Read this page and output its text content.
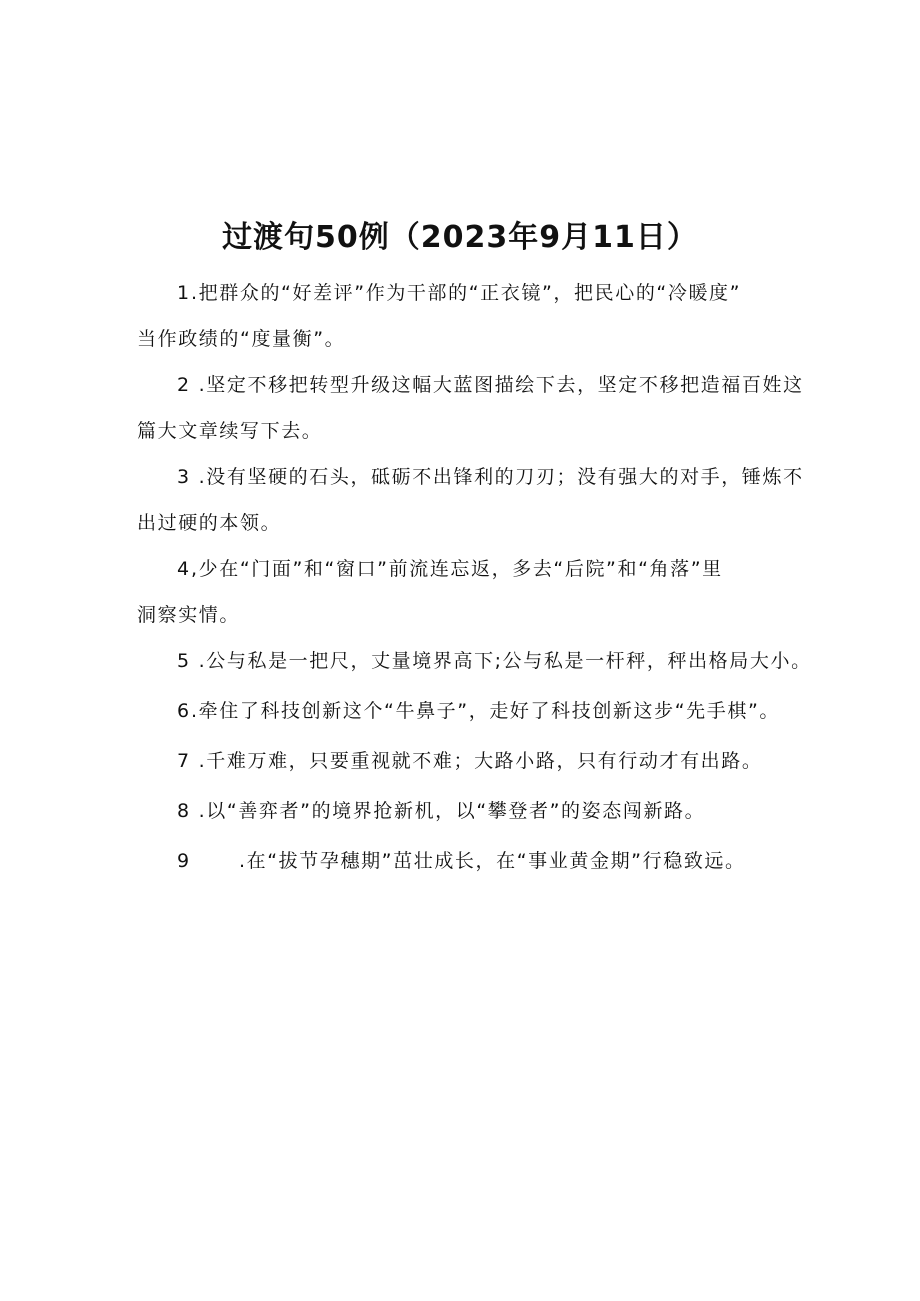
过渡句50例（2023年9月11日）
1.把群众的“好差评”作为干部的“正衣镜”，把民心的“冷暖度”
当作政绩的“度量衡”。
2 .坚定不移把转型升级这幅大蓝图描绘下去，坚定不移把造福百姓这
篇大文章续写下去。
3 .没有坚硬的石头，砥砺不出锋利的刀刃；没有强大的对手，锤炼不
出过硬的本领。
4,少在“门面”和“窗口”前流连忘返，多去“后院”和“角落”里
洞察实情。
5 .公与私是一把尺，丈量境界高下;公与私是一杆秤，秤出格局大小。
6.牵住了科技创新这个“牛鼻子”，走好了科技创新这步“先手棋”。
7 .千难万难，只要重视就不难；大路小路，只有行动才有出路。
8 .以“善弈者”的境界抢新机，以“攀登者”的姿态闯新路。
9	.在“拔节孕穗期”茁壮成长，在“事业黄金期”行稳致远。
